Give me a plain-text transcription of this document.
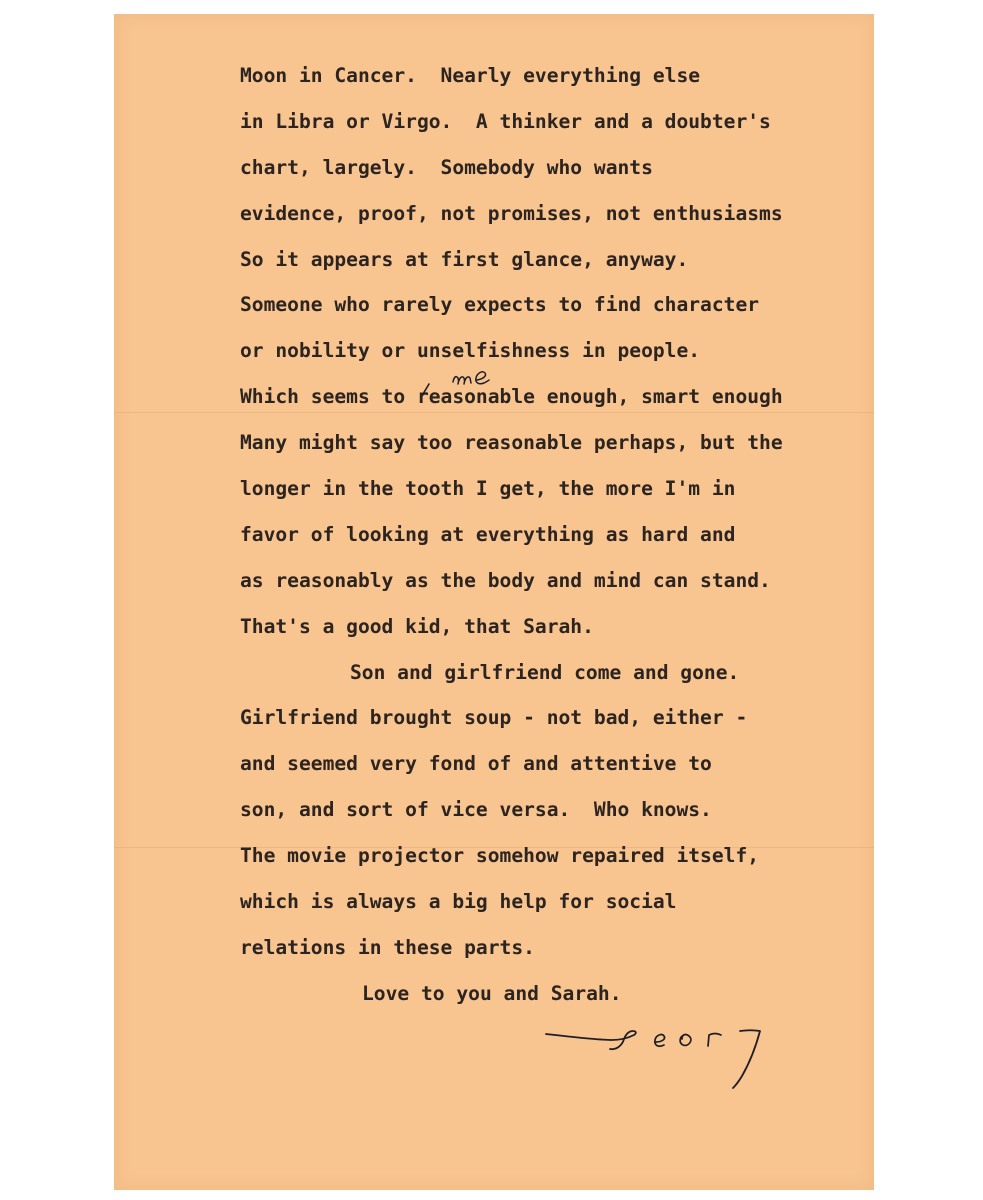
Moon in Cancer.  Nearly everything else
in Libra or Virgo.  A thinker and a doubter's
chart, largely.  Somebody who wants
evidence, proof, not promises, not enthusiasms
So it appears at first glance, anyway.
Someone who rarely expects to find character
or nobility or unselfishness in people.
Which seems to reasonable enough, smart enough
Many might say too reasonable perhaps, but the
longer in the tooth I get, the more I'm in
favor of looking at everything as hard and
as reasonably as the body and mind can stand.
That's a good kid, that Sarah.
Son and girlfriend come and gone.
Girlfriend brought soup - not bad, either -
and seemed very fond of and attentive to
son, and sort of vice versa.  Who knows.
The movie projector somehow repaired itself,
which is always a big help for social
relations in these parts.
Love to you and Sarah.
